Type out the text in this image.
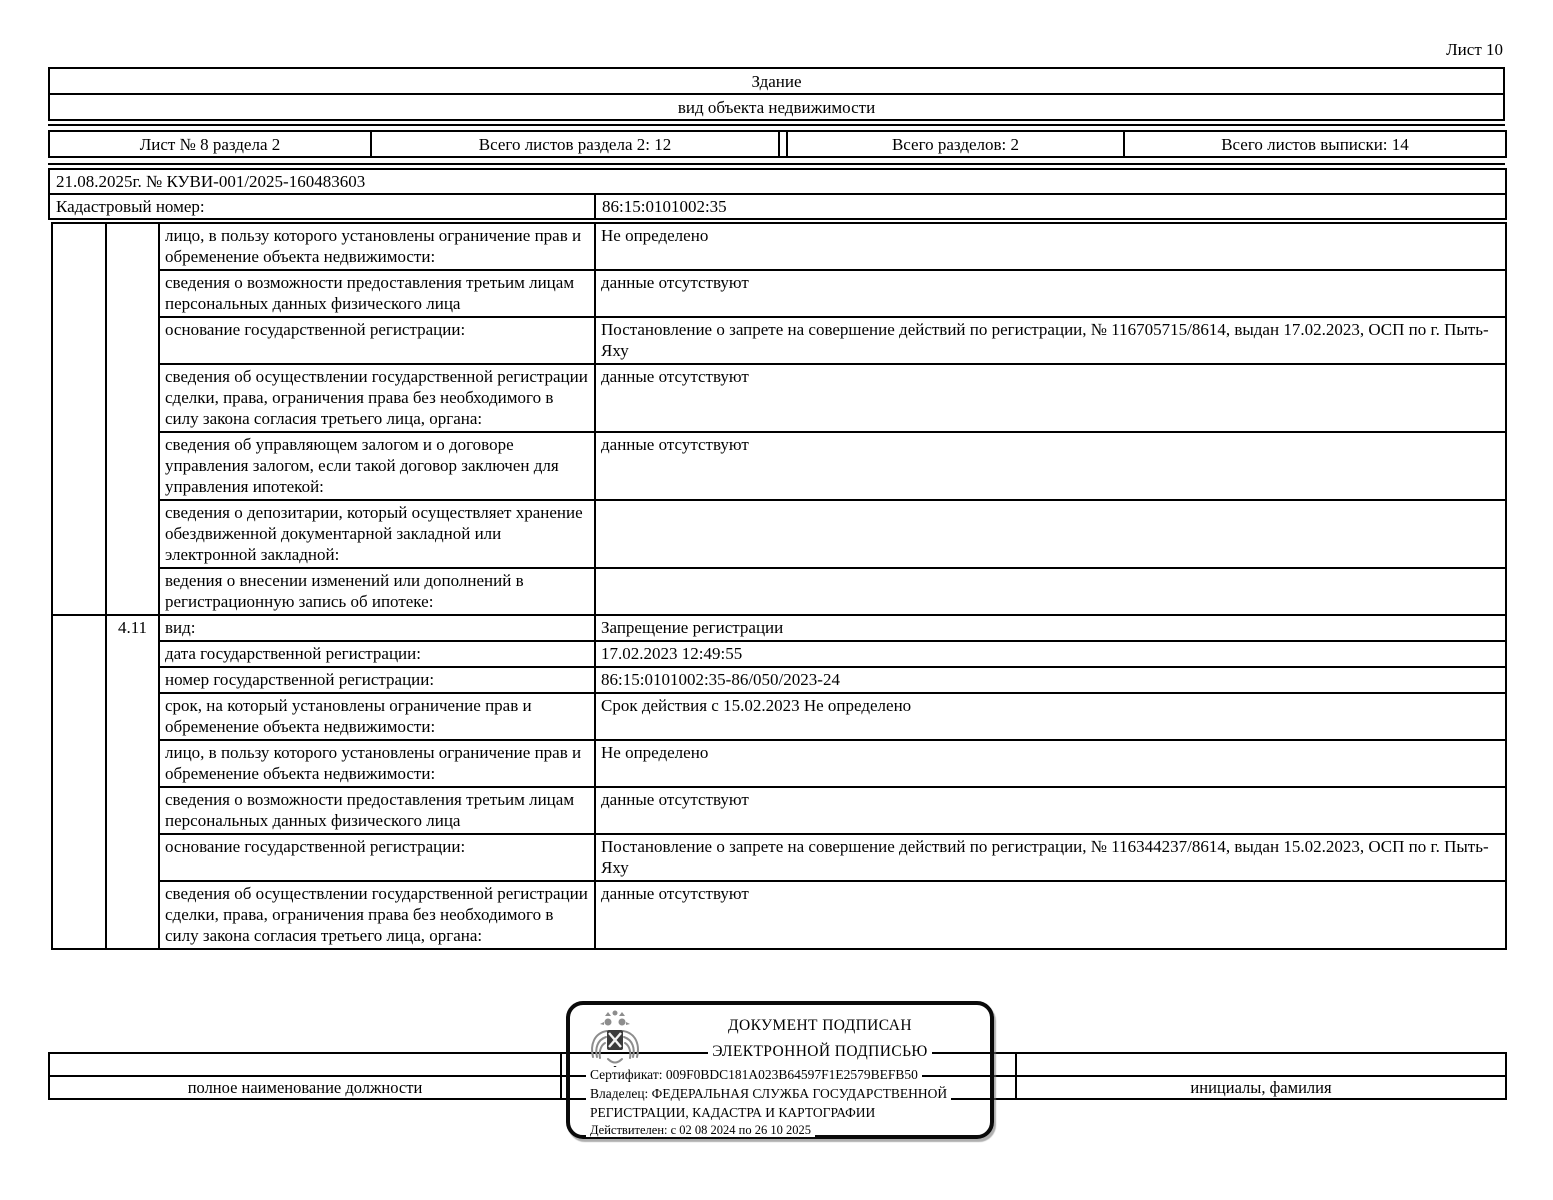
Лист 10
Здание
вид объекта недвижимости
Лист № 8 раздела 2	Всего листов раздела 2: 12		Всего разделов: 2	Всего листов выписки: 14
21.08.2025г. № КУВИ-001/2025-160483603
Кадастровый номер:	86:15:0101002:35
		лицо, в пользу которого установлены ограничение прав и обременение объекта недвижимости:	Не определено
		сведения о возможности предоставления третьим лицам персональных данных физического лица	данные отсутствуют
		основание государственной регистрации:	Постановление о запрете на совершение действий по регистрации, № 116705715/8614, выдан 17.02.2023, ОСП по г. Пыть-Яху
		сведения об осуществлении государственной регистрации сделки, права, ограничения права без необходимого в силу закона согласия третьего лица, органа:	данные отсутствуют
		сведения об управляющем залогом и о договоре управления залогом, если такой договор заключен для управления ипотекой:	данные отсутствуют
		сведения о депозитарии, который осуществляет хранение обездвиженной документарной закладной или электронной закладной:	
		ведения о внесении изменений или дополнений в регистрационную запись об ипотеке:	
	4.11	вид:	Запрещение регистрации
		дата государственной регистрации:	17.02.2023 12:49:55
		номер государственной регистрации:	86:15:0101002:35-86/050/2023-24
		срок, на который установлены ограничение прав и обременение объекта недвижимости:	Срок действия с 15.02.2023 Не определено
		лицо, в пользу которого установлены ограничение прав и обременение объекта недвижимости:	Не определено
		сведения о возможности предоставления третьим лицам персональных данных физического лица	данные отсутствуют
		основание государственной регистрации:	Постановление о запрете на совершение действий по регистрации, № 116344237/8614, выдан 15.02.2023, ОСП по г. Пыть-Яху
		сведения об осуществлении государственной регистрации сделки, права, ограничения права без необходимого в силу закона согласия третьего лица, органа:	данные отсутствуют

полное наименование должности		инициалы, фамилия
ДОКУМЕНТ ПОДПИСАН
ЭЛЕКТРОННОЙ ПОДПИСЬЮ
Сертификат: 009F0BDC181A023B64597F1E2579BEFB50
Владелец: ФЕДЕРАЛЬНАЯ СЛУЖБА ГОСУДАРСТВЕННОЙ
РЕГИСТРАЦИИ, КАДАСТРА И КАРТОГРАФИИ
Действителен: с 02 08 2024 по 26 10 2025
